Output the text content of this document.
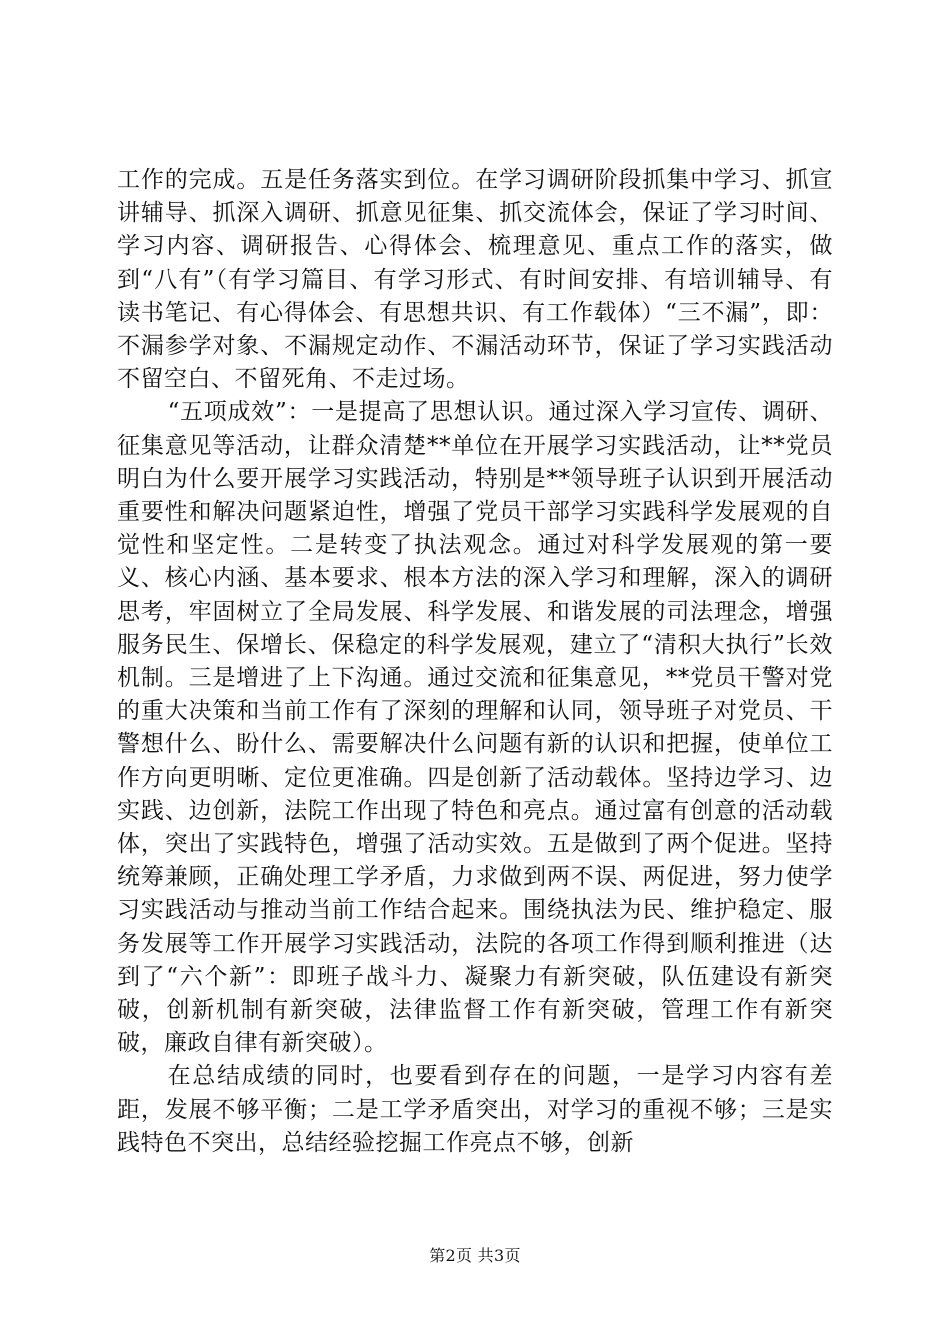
工作的完成。五是任务落实到位。在学习调研阶段抓集中学习、抓宣讲辅导、抓深入调研、抓意见征集、抓交流体会，保证了学习时间、学习内容、调研报告、心得体会、梳理意见、重点工作的落实，做到“八有”（有学习篇目、有学习形式、有时间安排、有培训辅导、有读书笔记、有心得体会、有思想共识、有工作载体）“三不漏”，即：不漏参学对象、不漏规定动作、不漏活动环节，保证了学习实践活动不留空白、不留死角、不走过场。

“五项成效”：一是提高了思想认识。通过深入学习宣传、调研、征集意见等活动，让群众清楚**单位在开展学习实践活动，让**党员明白为什么要开展学习实践活动，特别是**领导班子认识到开展活动重要性和解决问题紧迫性，增强了党员干部学习实践科学发展观的自觉性和坚定性。二是转变了执法观念。通过对科学发展观的第一要义、核心内涵、基本要求、根本方法的深入学习和理解，深入的调研思考，牢固树立了全局发展、科学发展、和谐发展的司法理念，增强服务民生、保增长、保稳定的科学发展观，建立了“清积大执行”长效机制。三是增进了上下沟通。通过交流和征集意见，**党员干警对党的重大决策和当前工作有了深刻的理解和认同，领导班子对党员、干警想什么、盼什么、需要解决什么问题有新的认识和把握，使单位工作方向更明晰、定位更准确。四是创新了活动载体。坚持边学习、边实践、边创新，法院工作出现了特色和亮点。通过富有创意的活动载体，突出了实践特色，增强了活动实效。五是做到了两个促进。坚持统筹兼顾，正确处理工学矛盾，力求做到两不误、两促进，努力使学习实践活动与推动当前工作结合起来。围绕执法为民、维护稳定、服务发展等工作开展学习实践活动，法院的各项工作得到顺利推进（达到了“六个新”：即班子战斗力、凝聚力有新突破，队伍建设有新突破，创新机制有新突破，法律监督工作有新突破，管理工作有新突破，廉政自律有新突破）。

在总结成绩的同时，也要看到存在的问题，一是学习内容有差距，发展不够平衡；二是工学矛盾突出，对学习的重视不够；三是实践特色不突出，总结经验挖掘工作亮点不够，创新

第2页 共3页
